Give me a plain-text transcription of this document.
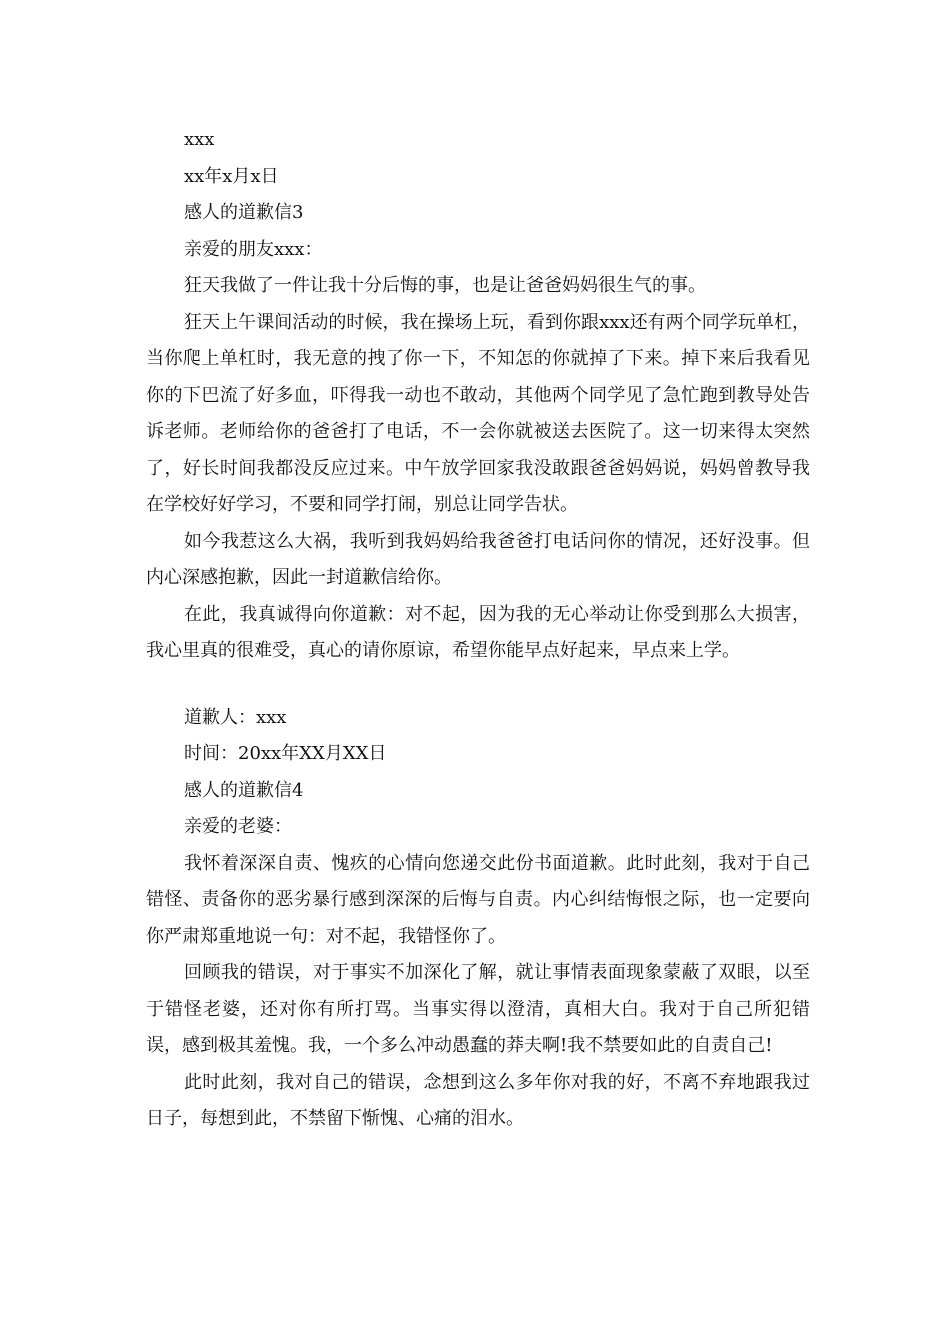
xxx

xx年x月x日

感人的道歉信3

亲爱的朋友xxx：

狂天我做了一件让我十分后悔的事，也是让爸爸妈妈很生气的事。

狂天上午课间活动的时候，我在操场上玩，看到你跟xxx还有两个同学玩单杠，当你爬上单杠时，我无意的拽了你一下，不知怎的你就掉了下来。掉下来后我看见你的下巴流了好多血，吓得我一动也不敢动，其他两个同学见了急忙跑到教导处告诉老师。老师给你的爸爸打了电话，不一会你就被送去医院了。这一切来得太突然了，好长时间我都没反应过来。中午放学回家我没敢跟爸爸妈妈说，妈妈曾教导我在学校好好学习，不要和同学打闹，别总让同学告状。

如今我惹这么大祸，我听到我妈妈给我爸爸打电话问你的情况，还好没事。但内心深感抱歉，因此一封道歉信给你。

在此，我真诚得向你道歉：对不起，因为我的无心举动让你受到那么大损害，我心里真的很难受，真心的请你原谅，希望你能早点好起来，早点来上学。

道歉人：xxx

时间：20xx年XX月XX日

感人的道歉信4

亲爱的老婆：

我怀着深深自责、愧疚的心情向您递交此份书面道歉。此时此刻，我对于自己错怪、责备你的恶劣暴行感到深深的后悔与自责。内心纠结悔恨之际，也一定要向你严肃郑重地说一句：对不起，我错怪你了。

回顾我的错误，对于事实不加深化了解，就让事情表面现象蒙蔽了双眼，以至于错怪老婆，还对你有所打骂。当事实得以澄清，真相大白。我对于自己所犯错误，感到极其羞愧。我，一个多么冲动愚蠢的莽夫啊!我不禁要如此的自责自己!

此时此刻，我对自己的错误，念想到这么多年你对我的好，不离不弃地跟我过日子，每想到此，不禁留下惭愧、心痛的泪水。
